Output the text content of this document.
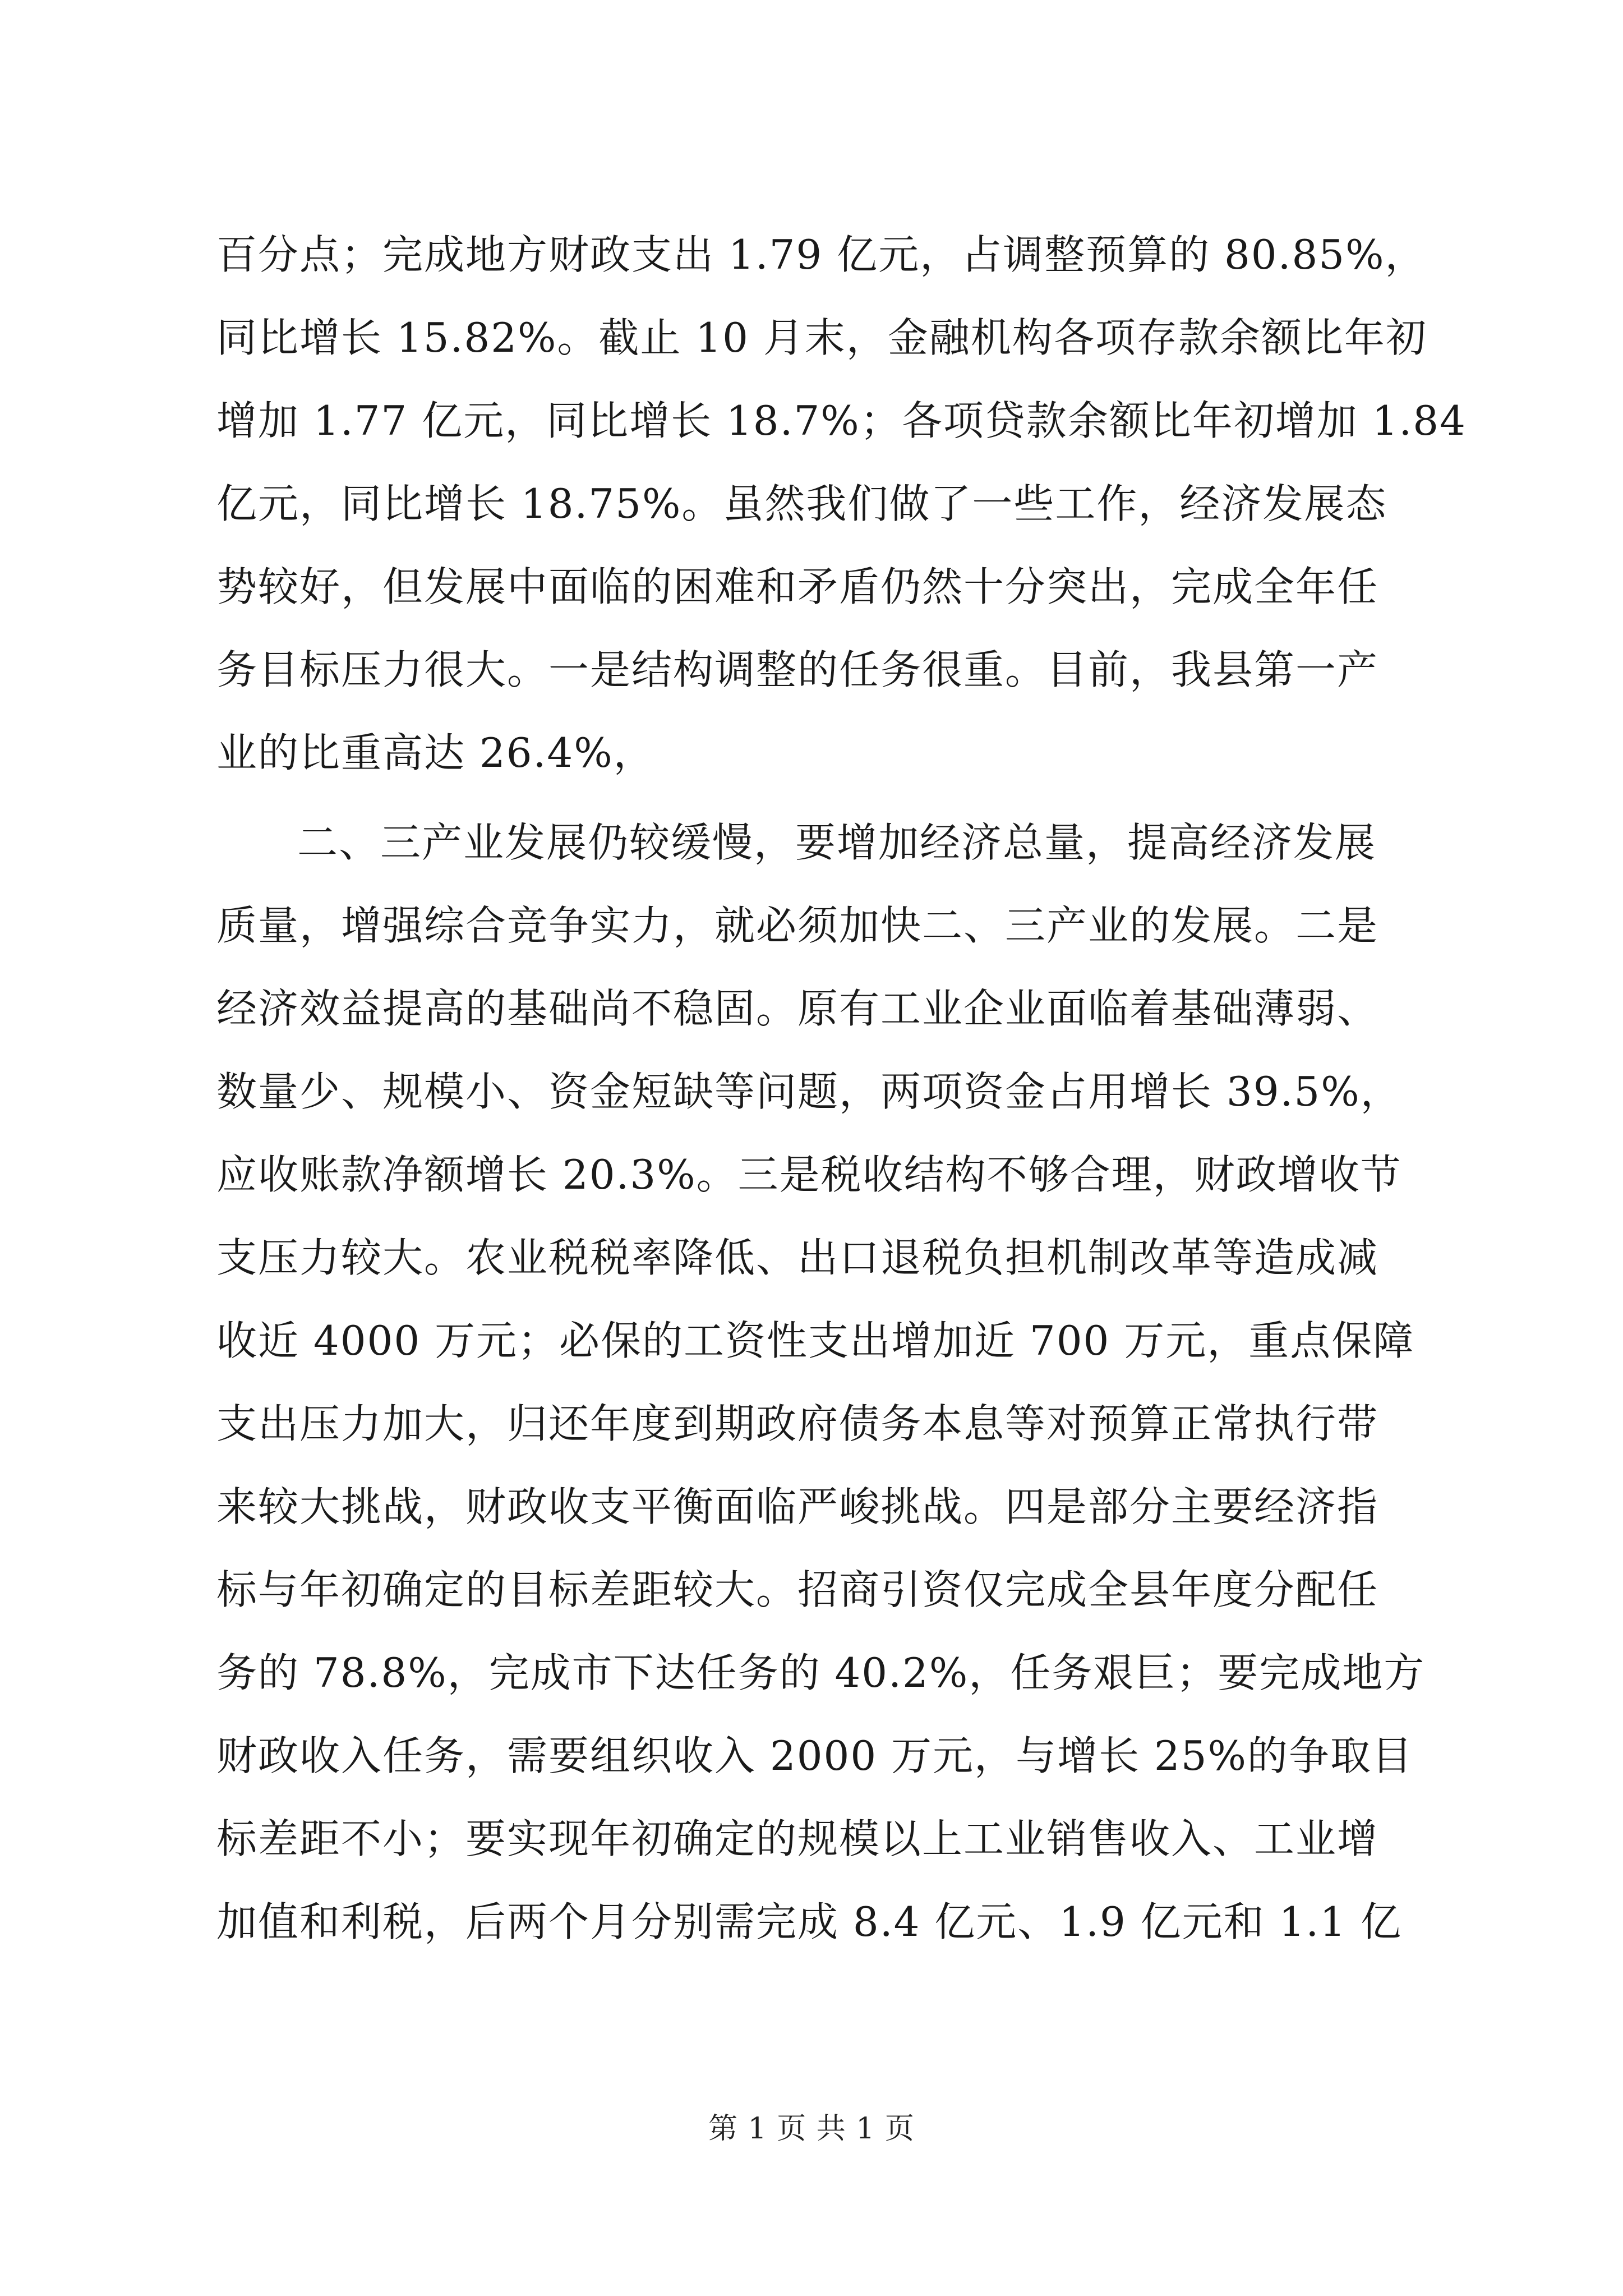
百分点；完成地方财政支出 1.79 亿元，占调整预算的 80.85%，
同比增长 15.82%。截止 10 月末，金融机构各项存款余额比年初
增加 1.77 亿元，同比增长 18.7%；各项贷款余额比年初增加 1.84
亿元，同比增长 18.75%。虽然我们做了一些工作，经济发展态
势较好，但发展中面临的困难和矛盾仍然十分突出，完成全年任
务目标压力很大。一是结构调整的任务很重。目前，我县第一产
业的比重高达 26.4%，
二、三产业发展仍较缓慢，要增加经济总量，提高经济发展
质量，增强综合竞争实力，就必须加快二、三产业的发展。二是
经济效益提高的基础尚不稳固。原有工业企业面临着基础薄弱、
数量少、规模小、资金短缺等问题，两项资金占用增长 39.5%，
应收账款净额增长 20.3%。三是税收结构不够合理，财政增收节
支压力较大。农业税税率降低、出口退税负担机制改革等造成减
收近 4000 万元；必保的工资性支出增加近 700 万元，重点保障
支出压力加大，归还年度到期政府债务本息等对预算正常执行带
来较大挑战，财政收支平衡面临严峻挑战。四是部分主要经济指
标与年初确定的目标差距较大。招商引资仅完成全县年度分配任
务的 78.8%，完成市下达任务的 40.2%，任务艰巨；要完成地方
财政收入任务，需要组织收入 2000 万元，与增长 25%的争取目
标差距不小；要实现年初确定的规模以上工业销售收入、工业增
加值和利税，后两个月分别需完成 8.4 亿元、1.9 亿元和 1.1 亿
第 1 页 共 1 页
